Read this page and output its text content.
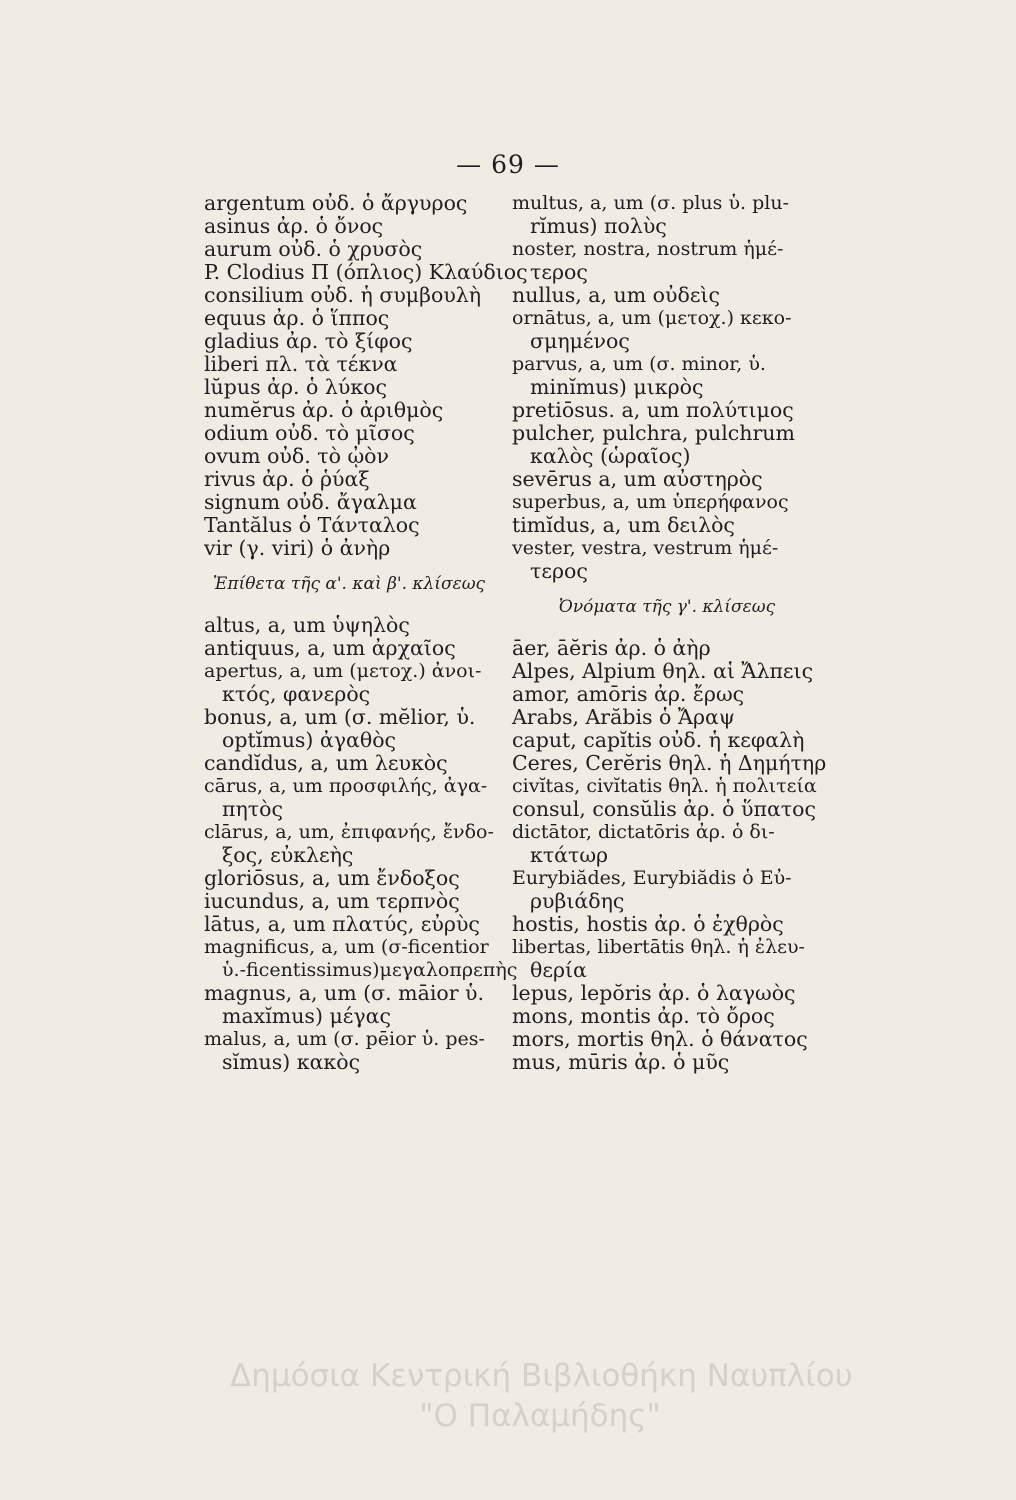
— 69 —

argentum οὐδ. ὁ ἄργυρος

asinus ἀρ. ὁ ὄνος

aurum οὐδ. ὁ χρυσὸς

P. Clodius Π (όπλιος) Κλαύδιος

consilium οὐδ. ἡ συμβουλὴ

equus ἀρ. ὁ ἵππος

gladius ἀρ. τὸ ξίφος

liberi πλ. τὰ τέκνα

lŭpus ἀρ. ὁ λύκος

numĕrus ἀρ. ὁ ἀριθμὸς

odium οὐδ. τὸ μῖσος

ovum οὐδ. τὸ ᾠὸν

rivus ἀρ. ὁ ῥύαξ

signum οὐδ. ἄγαλμα

Tantălus ὁ Τάνταλος

vir (γ. viri) ὁ ἀνὴρ

Ἐπίθετα τῆς α'. καὶ β'. κλίσεως

altus, a, um ὑψηλὸς

antiquus, a, um ἀρχαῖος

apertus, a, um (μετοχ.) ἀνοι-

κτός, φανερὸς

bonus, a, um (σ. mĕlior, ὑ.

optĭmus) ἀγαθὸς

candĭdus, a, um λευκὸς

cārus, a, um προσφιλής, ἀγα-

πητὸς

clārus, a, um, ἐπιφανής, ἔνδο-

ξος, εὐκλεὴς

gloriōsus, a, um ἔνδοξος

iucundus, a, um τερπνὸς

lātus, a, um πλατύς, εὐρὺς

magnificus, a, um (σ-ficentior

ὑ.-ficentissimus)μεγαλοπρεπὴς

magnus, a, um (σ. māior ὑ.

maxĭmus) μέγας

malus, a, um (σ. pēior ὑ. pes-

sĭmus) κακὸς

multus, a, um (σ. plus ὑ. plu-

rĭmus) πολὺς

noster, nostra, nostrum ἡμέ-

τερος

nullus, a, um οὐδεὶς

ornātus, a, um (μετοχ.) κεκο-

σμημένος

parvus, a, um (σ. minor, ὑ.

minĭmus) μικρὸς

pretiōsus. a, um πολύτιμος

pulcher, pulchra, pulchrum

καλὸς (ὡραῖος)

sevērus a, um αὐστηρὸς

superbus, a, um ὑπερήφανος

timĭdus, a, um δειλὸς

vester, vestra, vestrum ἡμέ-

τερος

Ὀνόματα τῆς γ'. κλίσεως

āer, āĕris ἀρ. ὁ ἀὴρ

Alpes, Alpium θηλ. αἱ Ἄλπεις

amor, amōris ἀρ. ἔρως

Arabs, Arăbis ὁ Ἄραψ

caput, capĭtis οὐδ. ἡ κεφαλὴ

Ceres, Cerĕris θηλ. ἡ Δημήτηρ

civĭtas, civĭtatis θηλ. ἡ πολιτεία

consul, consŭlis ἀρ. ὁ ὕπατος

dictātor, dictatōris ἀρ. ὁ δι-

κτάτωρ

Eurybiădes, Eurybiădis ὁ Εὐ-

ρυβιάδης

hostis, hostis ἀρ. ὁ ἐχθρὸς

libertas, libertātis θηλ. ἡ ἐλευ-

θερία

lepus, lepŏris ἀρ. ὁ λαγωὸς

mons, montis ἀρ. τὸ ὄρος

mors, mortis θηλ. ὁ θάνατος

mus, mūris ἀρ. ὁ μῦς

Δημόσια Κεντρική Βιβλιοθήκη Ναυπλίου
"Ο Παλαμήδης"
